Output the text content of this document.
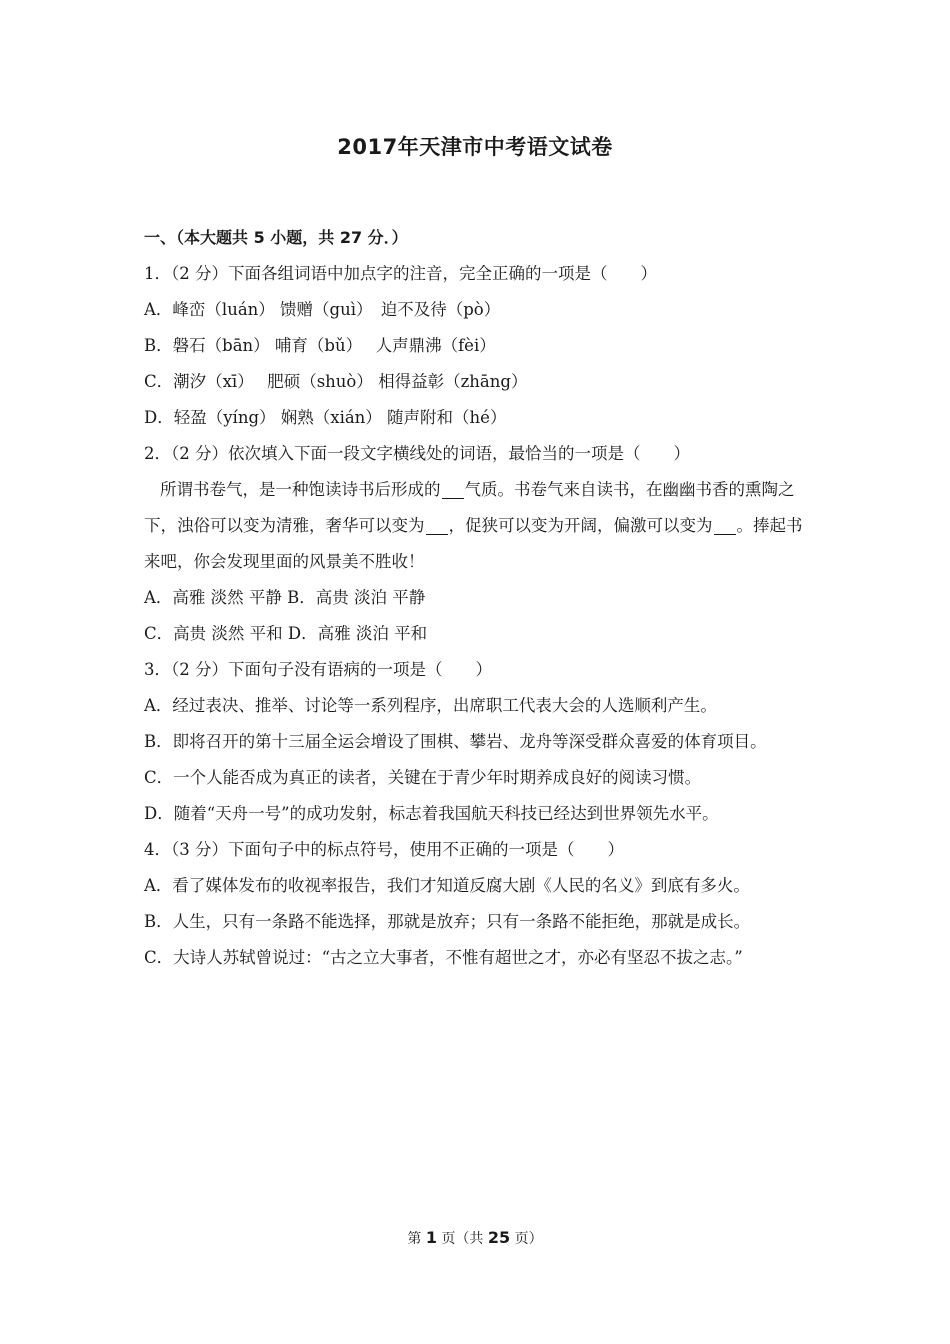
2017年天津市中考语文试卷
一、（本大题共 5 小题，共 27 分．）
1．（2 分）下面各组词语中加点字的注音，完全正确的一项是（　　）
A．峰峦（luán） 馈赠（guì）　迫不及待（pò）
B．磐石（bān） 哺育（bǔ）　 人声鼎沸（fèi）
C．潮汐（xī）　 肥硕（shuò） 相得益彰（zhāng）
D．轻盈（yíng） 娴熟（xián） 随声附和（hé）
2．（2 分）依次填入下面一段文字横线处的词语，最恰当的一项是（　　）
所谓书卷气，是一种饱读诗书后形成的 气质。书卷气来自读书，在幽幽书香的熏陶之下，浊俗可以变为清雅，奢华可以变为 ，促狭可以变为开阔，偏激可以变为 。捧起书来吧，你会发现里面的风景美不胜收！
A．高雅 淡然 平静 B．高贵 淡泊 平静
C．高贵 淡然 平和 D．高雅 淡泊 平和
3．（2 分）下面句子没有语病的一项是（　　）
A．经过表决、推举、讨论等一系列程序，出席职工代表大会的人选顺利产生。
B．即将召开的第十三届全运会增设了围棋、攀岩、龙舟等深受群众喜爱的体育项目。
C．一个人能否成为真正的读者，关键在于青少年时期养成良好的阅读习惯。
D．随着“天舟一号”的成功发射，标志着我国航天科技已经达到世界领先水平。
4．（3 分）下面句子中的标点符号，使用不正确的一项是（　　）
A．看了媒体发布的收视率报告，我们才知道反腐大剧《人民的名义》到底有多火。
B．人生，只有一条路不能选择，那就是放弃；只有一条路不能拒绝，那就是成长。
C．大诗人苏轼曾说过：“古之立大事者，不惟有超世之才，亦必有坚忍不拔之志。”
第 1 页（共 25 页）
